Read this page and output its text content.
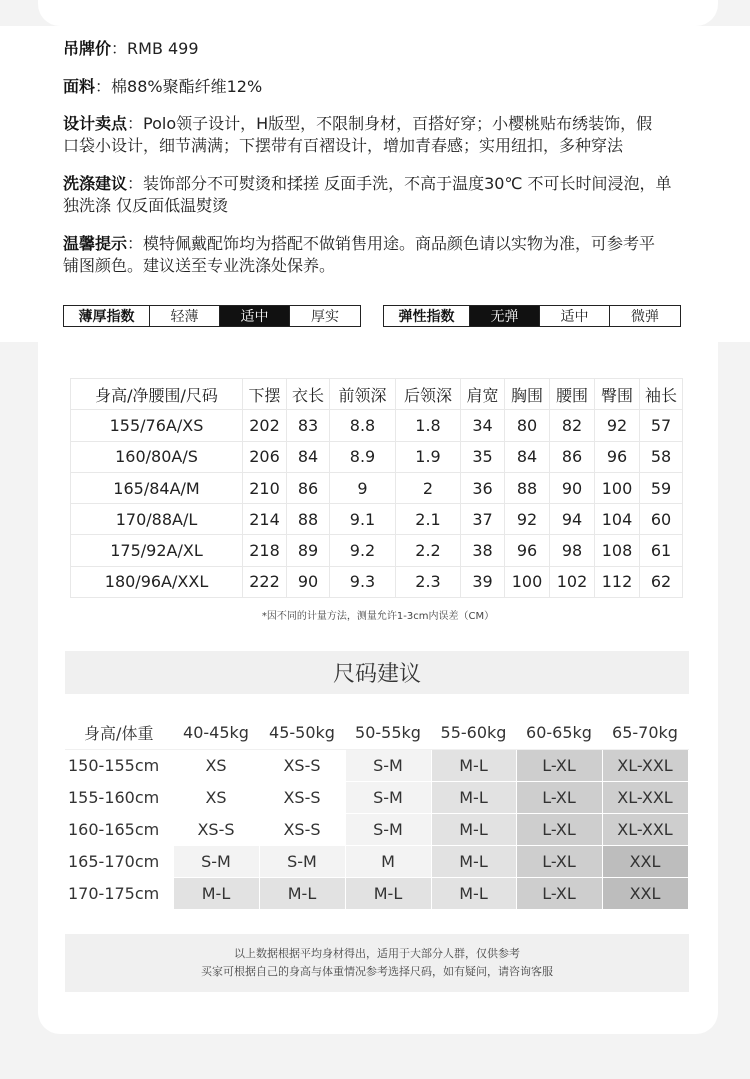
吊牌价：RMB 499
面料：棉88%聚酯纤维12%
设计卖点：Polo领子设计，H版型，不限制身材，百搭好穿；小樱桃贴布绣装饰，假
口袋小设计，细节满满；下摆带有百褶设计，增加青春感；实用纽扣，多种穿法
洗涤建议：装饰部分不可熨烫和揉搓 反面手洗，不高于温度30℃ 不可长时间浸泡，单
独洗涤 仅反面低温熨烫
温馨提示：模特佩戴配饰均为搭配不做销售用途。商品颜色请以实物为准，可参考平
铺图颜色。建议送至专业洗涤处保养。
薄厚指数	轻薄	适中	厚实	弹性指数	无弹	适中	微弹
身高/净腰围/尺码	下摆	衣长	前领深	后领深	肩宽	胸围	腰围	臀围	袖长
155/76A/XS	202	83	8.8	1.8	34	80	82	92	57
160/80A/S	206	84	8.9	1.9	35	84	86	96	58
165/84A/M	210	86	9	2	36	88	90	100	59
170/88A/L	214	88	9.1	2.1	37	92	94	104	60
175/92A/XL	218	89	9.2	2.2	38	96	98	108	61
180/96A/XXL	222	90	9.3	2.3	39	100	102	112	62
*因不同的计量方法，测量允许1-3cm内误差（CM）
尺码建议
身高/体重	40-45kg	45-50kg	50-55kg	55-60kg	60-65kg	65-70kg
150-155cm	XS	XS-S	S-M	M-L	L-XL	XL-XXL
155-160cm	XS	XS-S	S-M	M-L	L-XL	XL-XXL
160-165cm	XS-S	XS-S	S-M	M-L	L-XL	XL-XXL
165-170cm	S-M	S-M	M	M-L	L-XL	XXL
170-175cm	M-L	M-L	M-L	M-L	L-XL	XXL
以上数据根据平均身材得出，适用于大部分人群，仅供参考
买家可根据自己的身高与体重情况参考选择尺码，如有疑问，请咨询客服
